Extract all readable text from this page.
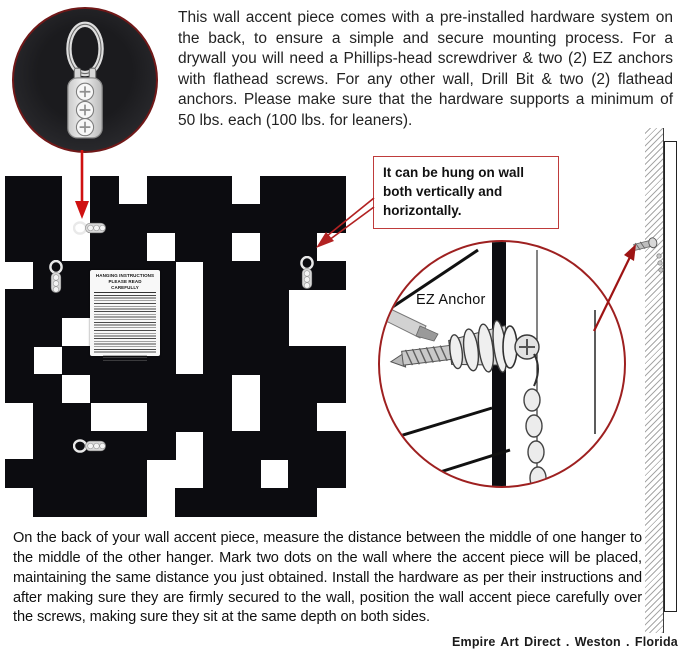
This wall accent piece comes with a pre-installed hardware system on the back, to ensure a simple and secure mounting process. For a drywall you will need a Phillips-head screwdriver & two (2) EZ anchors with flathead screws. For any other wall, Drill Bit & two (2) flathead anchors. Please make sure that the hardware supports a minimum of 50 lbs. each (100 lbs. for leaners).
It can be hung on wall both vertically and horizontally.
HANGING INSTRUCTIONS
PLEASE READ CAREFULLY
EZ Anchor
On the back of your wall accent piece, measure the distance between the middle of one hanger to the middle of the other hanger. Mark two dots on the wall where the accent piece will be placed, maintaining the same distance you just obtained. Install the hardware as per their instructions and after making sure they are firmly secured to the wall, position the wall accent piece carefully over the screws, making sure they sit at the same depth on both sides.
Empire Art Direct . Weston . Florida
